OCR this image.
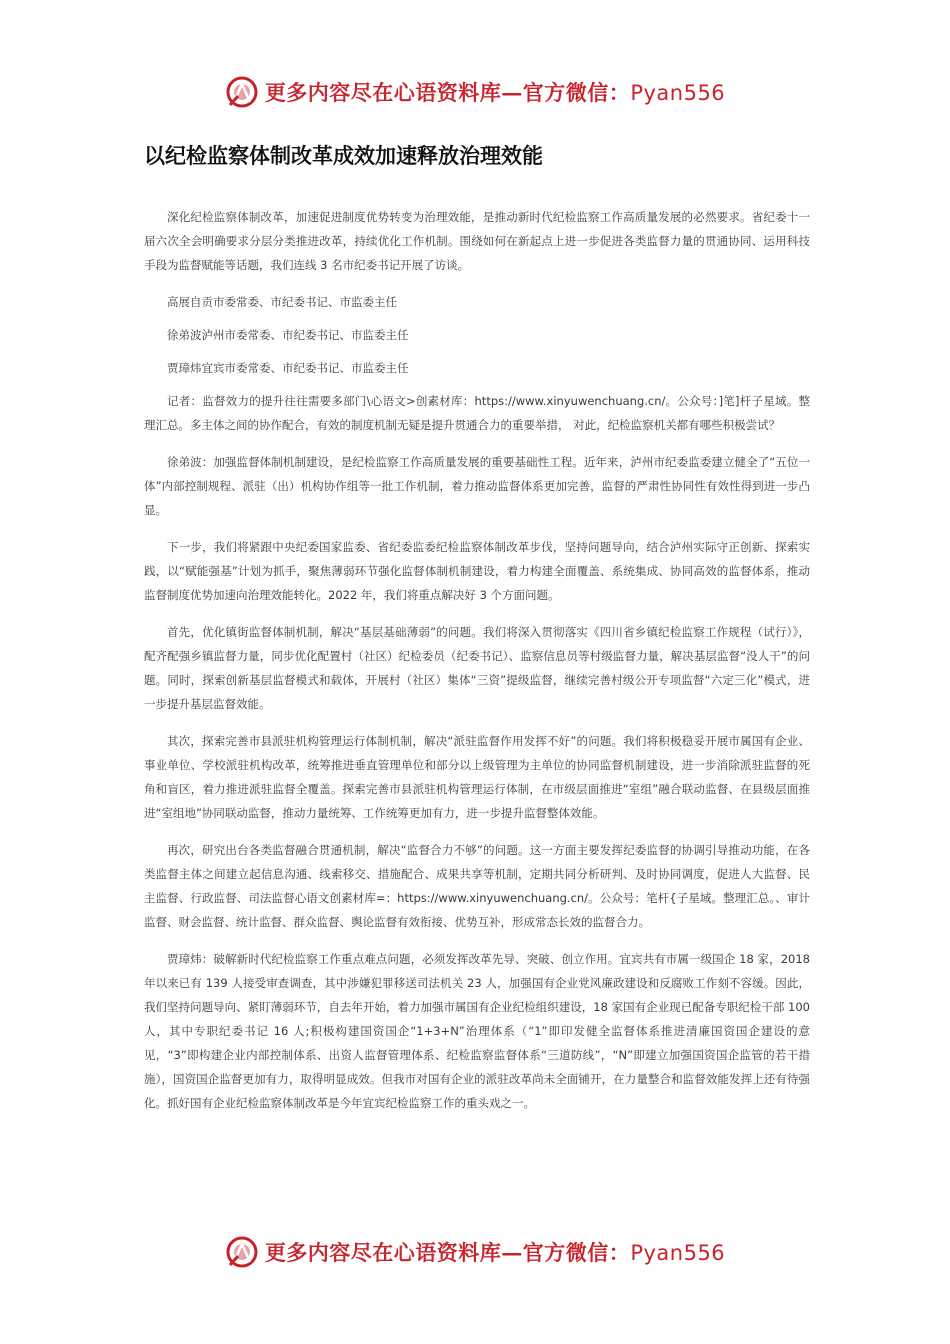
更多内容尽在心语资料库—官方微信：Pyan556
以纪检监察体制改革成效加速释放治理效能

深化纪检监察体制改革，加速促进制度优势转变为治理效能，是推动新时代纪检监察工作高质量发展的必然要求。省纪委十一届六次全会明确要求分层分类推进改革，持续优化工作机制。围绕如何在新起点上进一步促进各类监督力量的贯通协同、运用科技手段为监督赋能等话题，我们连线 3 名市纪委书记开展了访谈。

高展自贡市委常委、市纪委书记、市监委主任

徐弟波泸州市委常委、市纪委书记、市监委主任

贾璋炜宜宾市委常委、市纪委书记、市监委主任

记者：监督效力的提升往往需要多部门\心语文>创素材库：https://www.xinyuwenchuang.cn/。公众号：]笔]杆子星域。整理汇总。多主体之间的协作配合，有效的制度机制无疑是提升贯通合力的重要举措， 对此，纪检监察机关都有哪些积极尝试？

徐弟波：加强监督体制机制建设，是纪检监察工作高质量发展的重要基础性工程。近年来，泸州市纪委监委建立健全了“五位一体”内部控制规程、派驻（出）机构协作组等一批工作机制，着力推动监督体系更加完善，监督的严肃性协同性有效性得到进一步凸显。

下一步，我们将紧跟中央纪委国家监委、省纪委监委纪检监察体制改革步伐，坚持问题导向，结合泸州实际守正创新、探索实践，以“赋能强基”计划为抓手，聚焦薄弱环节强化监督体制机制建设，着力构建全面覆盖、系统集成、协同高效的监督体系，推动监督制度优势加速向治理效能转化。2022 年，我们将重点解决好 3 个方面问题。

首先，优化镇街监督体制机制，解决“基层基础薄弱”的问题。我们将深入贯彻落实《四川省乡镇纪检监察工作规程（试行）》，配齐配强乡镇监督力量，同步优化配置村（社区）纪检委员（纪委书记）、监察信息员等村级监督力量，解决基层监督“没人干”的问题。同时，探索创新基层监督模式和载体，开展村（社区）集体“三资”提级监督，继续完善村级公开专项监督“六定三化”模式，进一步提升基层监督效能。

其次，探索完善市县派驻机构管理运行体制机制，解决“派驻监督作用发挥不好”的问题。我们将积极稳妥开展市属国有企业、事业单位、学校派驻机构改革，统筹推进垂直管理单位和部分以上级管理为主单位的协同监督机制建设，进一步消除派驻监督的死角和盲区，着力推进派驻监督全覆盖。探索完善市县派驻机构管理运行体制，在市级层面推进“室组”融合联动监督、在县级层面推进“室组地”协同联动监督，推动力量统筹、工作统筹更加有力，进一步提升监督整体效能。

再次，研究出台各类监督融合贯通机制，解决“监督合力不够”的问题。这一方面主要发挥纪委监督的协调引导推动功能，在各类监督主体之间建立起信息沟通、线索移交、措施配合、成果共享等机制，定期共同分析研判、及时协同调度，促进人大监督、民主监督、行政监督、司法监督心语文创素材库=：https://www.xinyuwenchuang.cn/。公众号：笔杆{子星域。整理汇总。、审计监督、财会监督、统计监督、群众监督、舆论监督有效衔接、优势互补，形成常态长效的监督合力。

贾璋炜：破解新时代纪检监察工作重点难点问题，必须发挥改革先导、突破、创立作用。宜宾共有市属一级国企 18 家，2018 年以来已有 139 人接受审查调查，其中涉嫌犯罪移送司法机关 23 人，加强国有企业党风廉政建设和反腐败工作刻不容缓。因此，我们坚持问题导向、紧盯薄弱环节，自去年开始，着力加强市属国有企业纪检组织建设，18 家国有企业现已配备专职纪检干部 100 人，其中专职纪委书记 16 人;积极构建国资国企“1+3+N”治理体系（“1”即印发健全监督体系推进清廉国资国企建设的意见，“3”即构建企业内部控制体系、出资人监督管理体系、纪检监察监督体系“三道防线”，“N”即建立加强国资国企监管的若干措施），国资国企监督更加有力，取得明显成效。但我市对国有企业的派驻改革尚未全面铺开，在力量整合和监督效能发挥上还有待强化。抓好国有企业纪检监察体制改革是今年宜宾纪检监察工作的重头戏之一。

更多内容尽在心语资料库—官方微信：Pyan556
